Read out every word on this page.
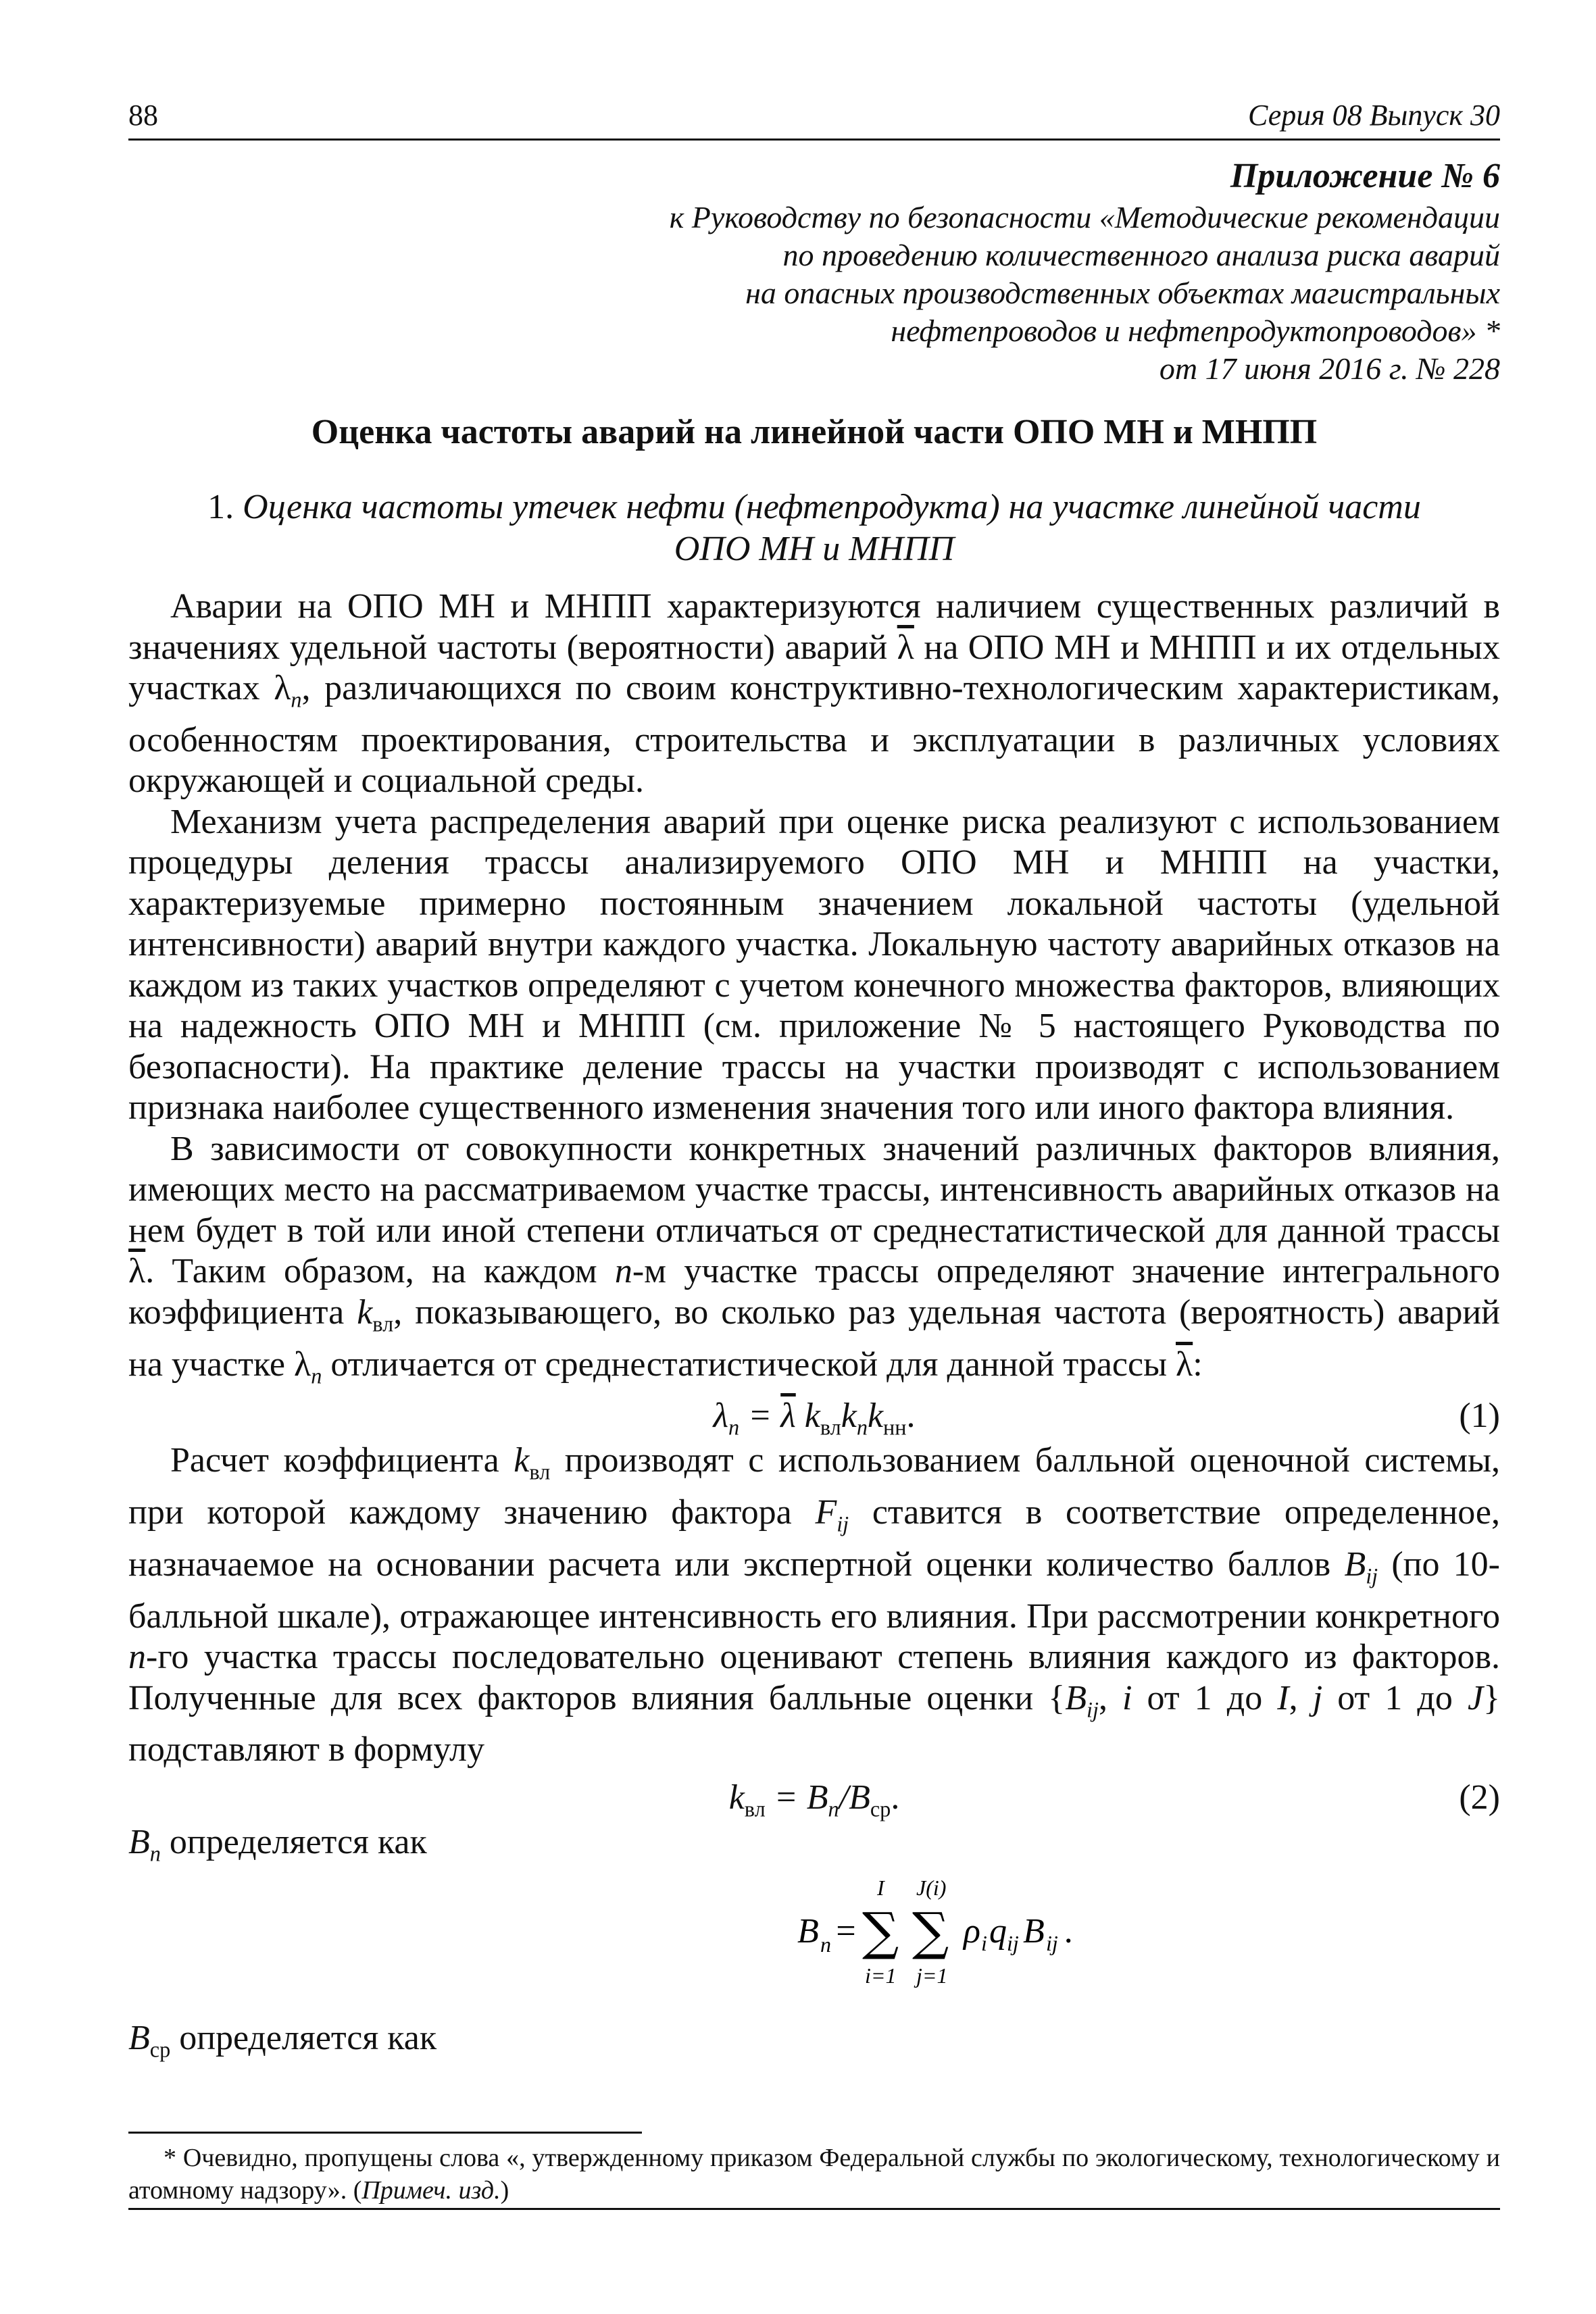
88	Серия 08 Выпуск 30
Приложение № 6
к Руководству по безопасности «Методические рекомендации
по проведению количественного анализа риска аварий
на опасных производственных объектах магистральных
нефтепроводов и нефтепродуктопроводов» *
от 17 июня 2016 г. № 228
Оценка частоты аварий на линейной части ОПО МН и МНПП
1. Оценка частоты утечек нефти (нефтепродукта) на участке линейной части
ОПО МН и МНПП

Аварии на ОПО МН и МНПП характеризуются наличием существенных различий в значениях удельной частоты (вероятности) аварий $\overline{\lambda}$ на ОПО МН и МНПП и их отдельных участках $\lambda_n$, различающихся по своим конструктивно-технологическим характеристикам, особенностям проектирования, строительства и эксплуатации в различных условиях окружающей и социальной среды.

Механизм учета распределения аварий при оценке риска реализуют с использованием процедуры деления трассы анализируемого ОПО МН и МНПП на участки, характеризуемые примерно постоянным значением локальной частоты (удельной интенсивности) аварий внутри каждого участка. Локальную частоту аварийных отказов на каждом из таких участков определяют с учетом конечного множества факторов, влияющих на надежность ОПО МН и МНПП (см. приложение № 5 настоящего Руководства по безопасности). На практике деление трассы на участки производят с использованием признака наиболее существенного изменения значения того или иного фактора влияния.

В зависимости от совокупности конкретных значений различных факторов влияния, имеющих место на рассматриваемом участке трассы, интенсивность аварийных отказов на нем будет в той или иной степени отличаться от среднестатистической для данной трассы $\overline{\lambda}$. Таким образом, на каждом n-м участке трассы определяют значение интегрального коэффициента $k_{вл}$, показывающего, во сколько раз удельная частота (вероятность) аварий на участке $\lambda_n$ отличается от среднестатистической для данной трассы $\overline{\lambda}$:

$\lambda_n = \overline{\lambda}$ $k_{вл}k_nk_{нн}$.	(1)

Расчет коэффициента $k_{вл}$ производят с использованием балльной оценочной системы, при которой каждому значению фактора $F_{ij}$ ставится в соответствие определенное, назначаемое на основании расчета или экспертной оценки количество баллов $B_{ij}$ (по 10-балльной шкале), отражающее интенсивность его влияния. При рассмотрении конкретного n-го участка трассы последовательно оценивают степень влияния каждого из факторов. Полученные для всех факторов влияния балльные оценки {$B_{ij}$, i от 1 до I, j от 1 до J} подставляют в формулу

$k_{вл} = B_n/B_{ср}$.	(2)
$B_n$ определяется как
B n =
I
∑
i=1
J(i)
∑
j=1
ρ i q ij B ij .
$B_{ср}$ определяется как
* Очевидно, пропущены слова «, утвержденному приказом Федеральной службы по экологическому, технологическому и атомному надзору». (Примеч. изд.)
